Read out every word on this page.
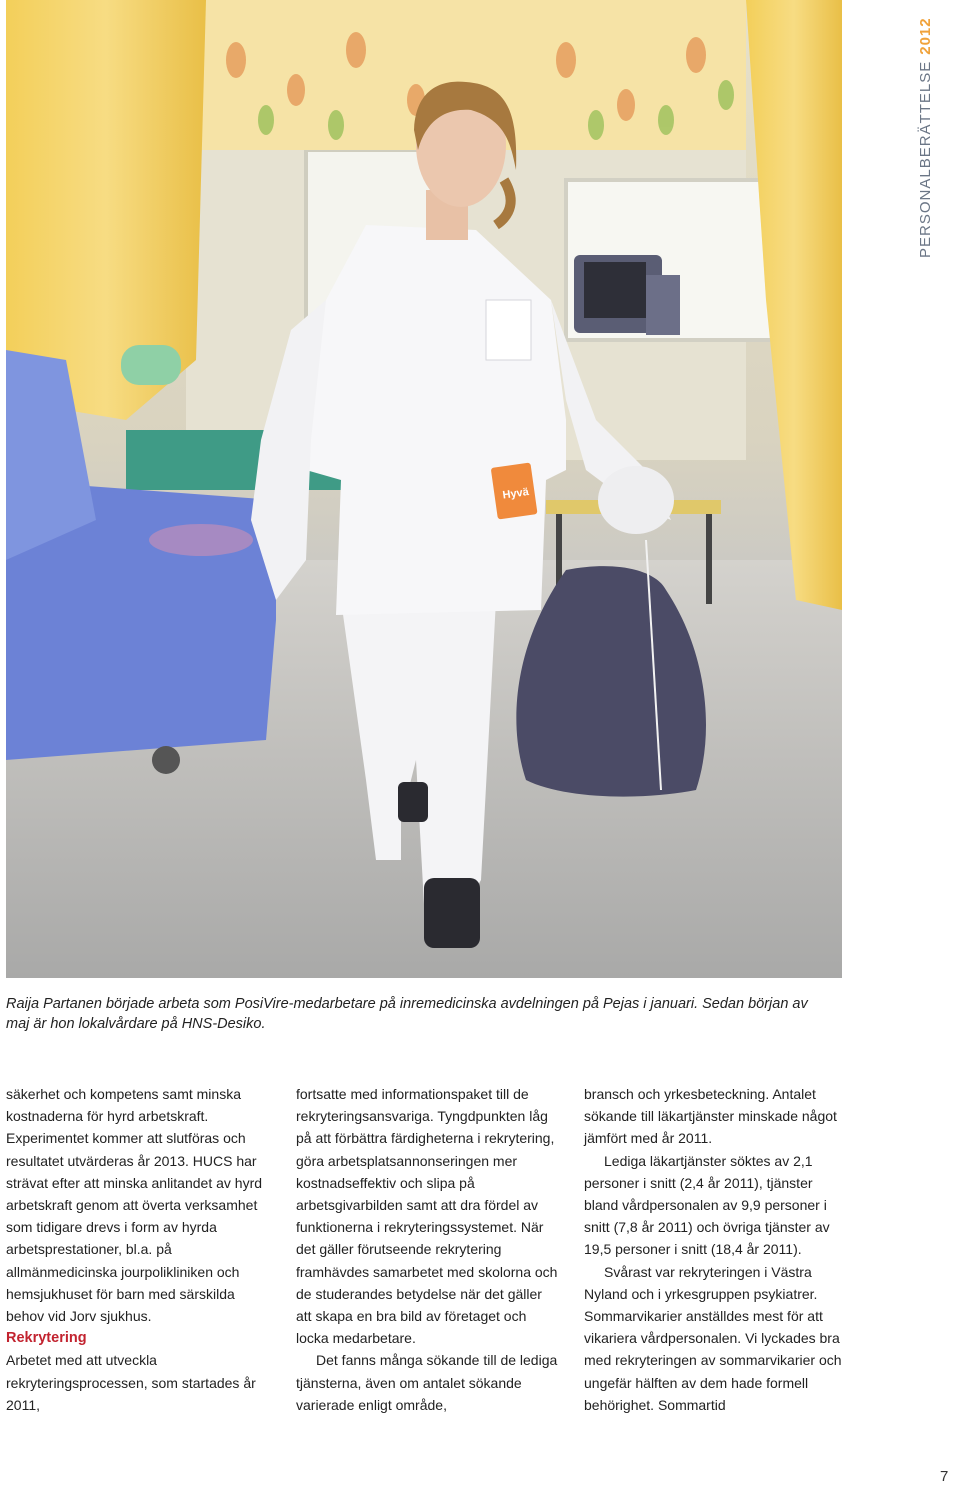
Hyvä
PERSONALBERÄTTELSE2012
Raija Partanen började arbeta som PosiVire-medarbetare på inremedicinska avdelningen på Pejas i januari. Sedan början av maj är hon lokalvårdare på HNS-Desiko.

säkerhet och kompetens samt minska kostnaderna för hyrd arbetskraft. Experimentet kommer att slutföras och resultatet utvärderas år 2013. HUCS har strävat efter att minska anlitandet av hyrd arbetskraft genom att överta verksamhet som tidigare drevs i form av hyrda arbetsprestationer, bl.a. på allmänmedicinska jourpolikliniken och hemsjukhuset för barn med särskilda behov vid Jorv sjukhus.

Rekrytering

Arbetet med att utveckla rekryteringsprocessen, som startades år 2011,

fortsatte med informationspaket till de rekryteringsansvariga. Tyngdpunkten låg på att förbättra färdigheterna i rekrytering, göra arbetsplatsannonseringen mer kostnadseffektiv och slipa på arbetsgivarbilden samt att dra fördel av funktionerna i rekryteringssystemet. När det gäller förutseende rekrytering framhävdes samarbetet med skolorna och de studerandes betydelse när det gäller att skapa en bra bild av företaget och locka medarbetare.

Det fanns många sökande till de lediga tjänsterna, även om antalet sökande varierade enligt område,

bransch och yrkesbeteckning. Antalet sökande till läkartjänster minskade något jämfört med år 2011.

Lediga läkartjänster söktes av 2,1 personer i snitt (2,4 år 2011), tjänster bland vårdpersonalen av 9,9 personer i snitt (7,8 år 2011) och övriga tjänster av 19,5 personer i snitt (18,4 år 2011).

Svårast var rekryteringen i Västra Nyland och i yrkesgruppen psykiatrer. Sommarvikarier anställdes mest för att vikariera vårdpersonalen. Vi lyckades bra med rekryteringen av sommarvikarier och ungefär hälften av dem hade formell behörighet. Sommartid

7
